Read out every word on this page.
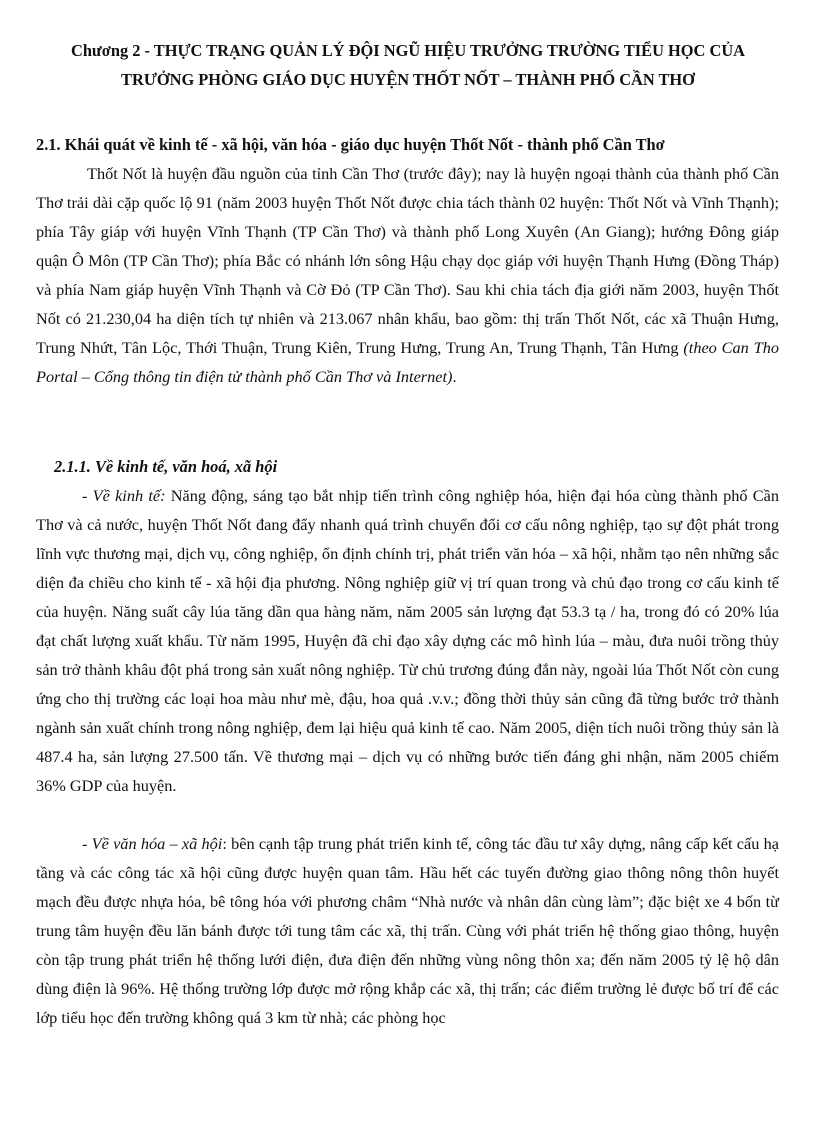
Chương 2 - THỰC TRẠNG QUẢN LÝ ĐỘI NGŨ HIỆU TRƯỞNG TRƯỜNG TIỂU HỌC CỦA
TRƯỞNG PHÒNG GIÁO DỤC HUYỆN THỐT NỐT – THÀNH PHỐ CẦN THƠ
2.1. Khái quát về kinh tế - xã hội, văn hóa - giáo dục huyện Thốt Nốt - thành phố Cần Thơ

Thốt Nốt là huyện đầu nguồn của tỉnh Cần Thơ (trước đây); nay là huyện ngoại thành của thành phố Cần Thơ trải dài cặp quốc lộ 91 (năm 2003 huyện Thốt Nốt được chia tách thành 02 huyện: Thốt Nốt và Vĩnh Thạnh); phía Tây giáp với huyện Vĩnh Thạnh (TP Cần Thơ) và thành phố Long Xuyên (An Giang); hướng Đông giáp quận Ô Môn (TP Cần Thơ); phía Bắc có nhánh lớn sông Hậu chạy dọc giáp với huyện Thạnh Hưng (Đồng Tháp) và phía Nam giáp huyện Vĩnh Thạnh và Cờ Đỏ (TP Cần Thơ). Sau khi chia tách địa giới năm 2003, huyện Thốt Nốt có 21.230,04 ha diện tích tự nhiên và 213.067 nhân khẩu, bao gồm: thị trấn Thốt Nốt, các xã Thuận Hưng, Trung Nhứt, Tân Lộc, Thới Thuận, Trung Kiên, Trung Hưng, Trung An, Trung Thạnh, Tân Hưng (theo Can Tho Portal – Cổng thông tin điện tử thành phố Cần Thơ và Internet).

2.1.1. Về kinh tế, văn hoá, xã hội

- Về kinh tế: Năng động, sáng tạo bắt nhịp tiến trình công nghiệp hóa, hiện đại hóa cùng thành phố Cần Thơ và cả nước, huyện Thốt Nốt đang đẩy nhanh quá trình chuyển đổi cơ cấu nông nghiệp, tạo sự đột phát trong lĩnh vực thương mại, dịch vụ, công nghiệp, ổn định chính trị, phát triển văn hóa – xã hội, nhằm tạo nên những sắc diện đa chiều cho kinh tế - xã hội địa phương. Nông nghiệp giữ vị trí quan trong và chủ đạo trong cơ cấu kinh tế của huyện. Năng suất cây lúa tăng dần qua hàng năm, năm 2005 sản lượng đạt 53.3 tạ / ha, trong đó có 20% lúa đạt chất lượng xuất khẩu. Từ năm 1995, Huyện đã chỉ đạo xây dựng các mô hình lúa – màu, đưa nuôi trồng thủy sản trở thành khâu đột phá trong sản xuất nông nghiệp. Từ chủ trương đúng đắn này, ngoài lúa Thốt Nốt còn cung ứng cho thị trường các loại hoa màu như mè, đậu, hoa quả .v.v.; đồng thời thủy sản cũng đã từng bước trở thành ngành sản xuất chính trong nông nghiệp, đem lại hiệu quả kinh tế cao. Năm 2005, diện tích nuôi trồng thủy sản là 487.4 ha, sản lượng 27.500 tấn. Về thương mại – dịch vụ có những bước tiến đáng ghi nhận, năm 2005 chiếm 36% GDP của huyện.

- Về văn hóa – xã hội: bên cạnh tập trung phát triển kinh tế, công tác đầu tư xây dựng, nâng cấp kết cấu hạ tầng và các công tác xã hội cũng được huyện quan tâm. Hầu hết các tuyến đường giao thông nông thôn huyết mạch đều được nhựa hóa, bê tông hóa với phương châm “Nhà nước và nhân dân cùng làm”; đặc biệt xe 4 bốn từ trung tâm huyện đều lăn bánh được tới tung tâm các xã, thị trấn. Cùng với phát triển hệ thống giao thông, huyện còn tập trung phát triển hệ thống lưới điện, đưa điện đến những vùng nông thôn xa; đến năm 2005 tỷ lệ hộ dân dùng điện là 96%. Hệ thống trường lớp được mở rộng khắp các xã, thị trấn; các điểm trường lẻ được bố trí để các lớp tiểu học đến trường không quá 3 km từ nhà; các phòng học
